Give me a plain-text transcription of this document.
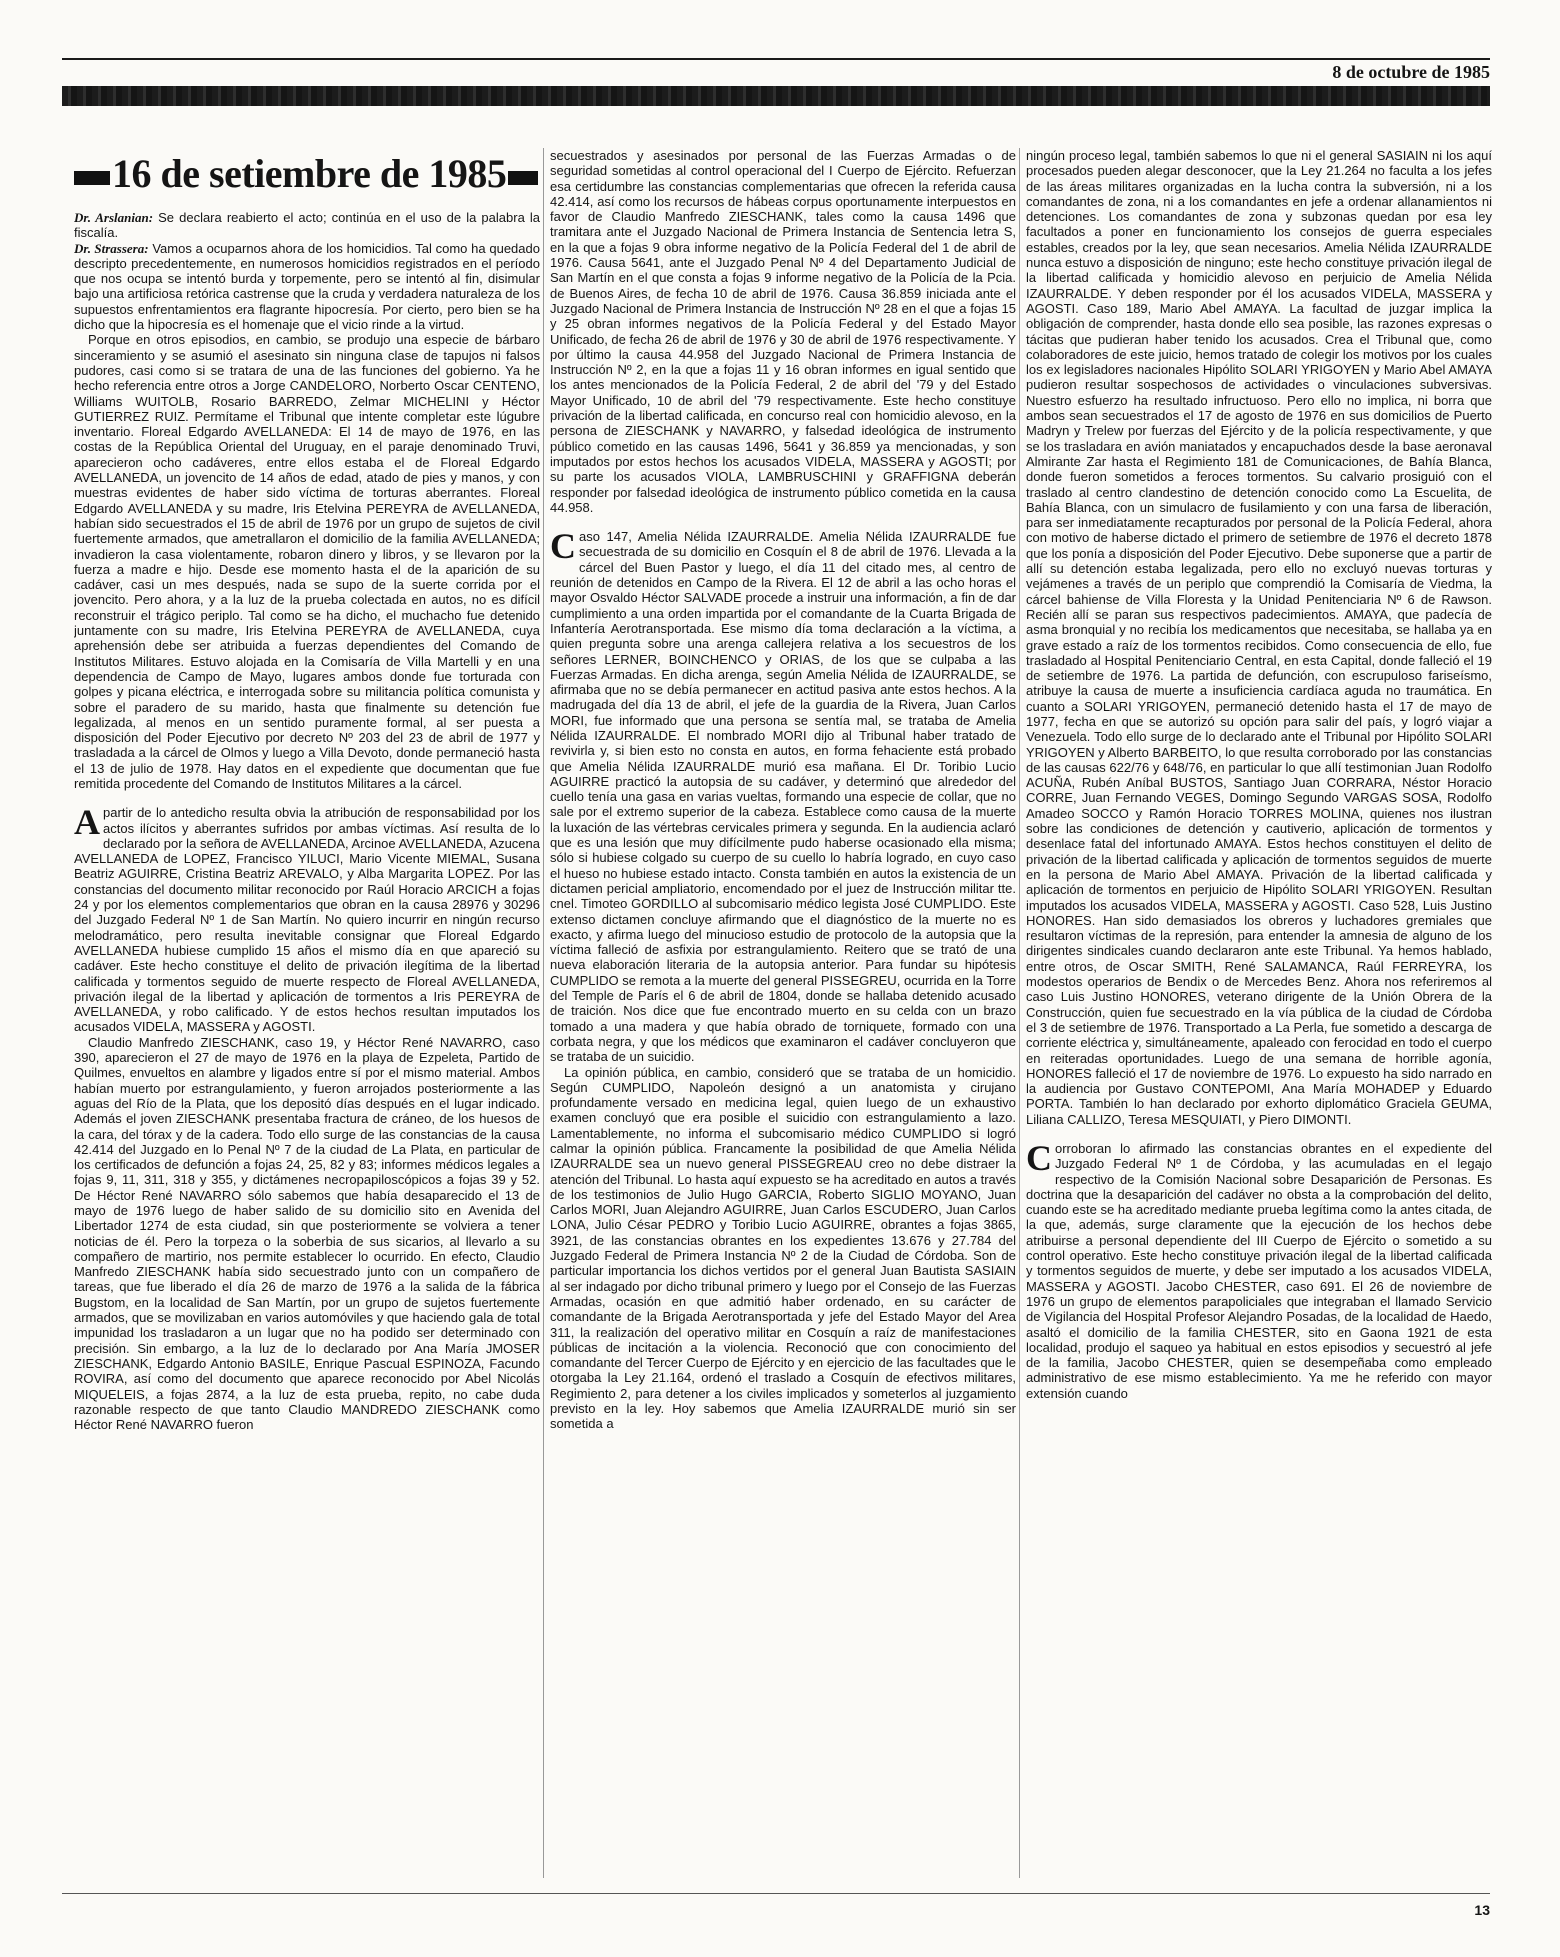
8 de octubre de 1985
16 de setiembre de 1985

Dr. Arslanian: Se declara reabierto el acto; continúa en el uso de la palabra la fiscalía.

Dr. Strassera: Vamos a ocuparnos ahora de los homicidios. Tal como ha quedado descripto precedentemente, en numerosos homicidios registrados en el período que nos ocupa se intentó burda y torpemente, pero se intentó al fin, disimular bajo una artificiosa retórica castrense que la cruda y verdadera naturaleza de los supuestos enfrentamientos era flagrante hipocresía. Por cierto, pero bien se ha dicho que la hipocresía es el homenaje que el vicio rinde a la virtud.

Porque en otros episodios, en cambio, se produjo una especie de bárbaro sinceramiento y se asumió el asesinato sin ninguna clase de tapujos ni falsos pudores, casi como si se tratara de una de las funciones del gobierno. Ya he hecho referencia entre otros a Jorge CANDELORO, Norberto Oscar CENTENO, Williams WUITOLB, Rosario BARREDO, Zelmar MICHELINI y Héctor GUTIERREZ RUIZ. Permítame el Tribunal que intente completar este lúgubre inventario. Floreal Edgardo AVELLANEDA: El 14 de mayo de 1976, en las costas de la República Oriental del Uruguay, en el paraje denominado Truvi, aparecieron ocho cadáveres, entre ellos estaba el de Floreal Edgardo AVELLANEDA, un jovencito de 14 años de edad, atado de pies y manos, y con muestras evidentes de haber sido víctima de torturas aberrantes. Floreal Edgardo AVELLANEDA y su madre, Iris Etelvina PEREYRA de AVELLANEDA, habían sido secuestrados el 15 de abril de 1976 por un grupo de sujetos de civil fuertemente armados, que ametrallaron el domicilio de la familia AVELLANEDA; invadieron la casa violentamente, robaron dinero y libros, y se llevaron por la fuerza a madre e hijo. Desde ese momento hasta el de la aparición de su cadáver, casi un mes después, nada se supo de la suerte corrida por el jovencito. Pero ahora, y a la luz de la prueba colectada en autos, no es difícil reconstruir el trágico periplo. Tal como se ha dicho, el muchacho fue detenido juntamente con su madre, Iris Etelvina PEREYRA de AVELLANEDA, cuya aprehensión debe ser atribuida a fuerzas dependientes del Comando de Institutos Militares. Estuvo alojada en la Comisaría de Villa Martelli y en una dependencia de Campo de Mayo, lugares ambos donde fue torturada con golpes y picana eléctrica, e interrogada sobre su militancia política comunista y sobre el paradero de su marido, hasta que finalmente su detención fue legalizada, al menos en un sentido puramente formal, al ser puesta a disposición del Poder Ejecutivo por decreto Nº 203 del 23 de abril de 1977 y trasladada a la cárcel de Olmos y luego a Villa Devoto, donde permaneció hasta el 13 de julio de 1978. Hay datos en el expediente que documentan que fue remitida procedente del Comando de Institutos Militares a la cárcel.

Apartir de lo antedicho resulta obvia la atribución de responsabilidad por los actos ilícitos y aberrantes sufridos por ambas víctimas. Así resulta de lo declarado por la señora de AVELLANEDA, Arcinoe AVELLANEDA, Azucena AVELLANEDA de LOPEZ, Francisco YILUCI, Mario Vicente MIEMAL, Susana Beatriz AGUIRRE, Cristina Beatriz AREVALO, y Alba Margarita LOPEZ. Por las constancias del documento militar reconocido por Raúl Horacio ARCICH a fojas 24 y por los elementos complementarios que obran en la causa 28976 y 30296 del Juzgado Federal Nº 1 de San Martín. No quiero incurrir en ningún recurso melodramático, pero resulta inevitable consignar que Floreal Edgardo AVELLANEDA hubiese cumplido 15 años el mismo día en que apareció su cadáver. Este hecho constituye el delito de privación ilegítima de la libertad calificada y tormentos seguido de muerte respecto de Floreal AVELLANEDA, privación ilegal de la libertad y aplicación de tormentos a Iris PEREYRA de AVELLANEDA, y robo calificado. Y de estos hechos resultan imputados los acusados VIDELA, MASSERA y AGOSTI.

Claudio Manfredo ZIESCHANK, caso 19, y Héctor René NAVARRO, caso 390, aparecieron el 27 de mayo de 1976 en la playa de Ezpeleta, Partido de Quilmes, envueltos en alambre y ligados entre sí por el mismo material. Ambos habían muerto por estrangulamiento, y fueron arrojados posteriormente a las aguas del Río de la Plata, que los depositó días después en el lugar indicado. Además el joven ZIESCHANK presentaba fractura de cráneo, de los huesos de la cara, del tórax y de la cadera. Todo ello surge de las constancias de la causa 42.414 del Juzgado en lo Penal Nº 7 de la ciudad de La Plata, en particular de los certificados de defunción a fojas 24, 25, 82 y 83; informes médicos legales a fojas 9, 11, 311, 318 y 355, y dictámenes necropapiloscópicos a fojas 39 y 52. De Héctor René NAVARRO sólo sabemos que había desaparecido el 13 de mayo de 1976 luego de haber salido de su domicilio sito en Avenida del Libertador 1274 de esta ciudad, sin que posteriormente se volviera a tener noticias de él. Pero la torpeza o la soberbia de sus sicarios, al llevarlo a su compañero de martirio, nos permite establecer lo ocurrido. En efecto, Claudio Manfredo ZIESCHANK había sido secuestrado junto con un compañero de tareas, que fue liberado el día 26 de marzo de 1976 a la salida de la fábrica Bugstom, en la localidad de San Martín, por un grupo de sujetos fuertemente armados, que se movilizaban en varios automóviles y que haciendo gala de total impunidad los trasladaron a un lugar que no ha podido ser determinado con precisión. Sin embargo, a la luz de lo declarado por Ana María JMOSER ZIESCHANK, Edgardo Antonio BASILE, Enrique Pascual ESPINOZA, Facundo ROVIRA, así como del documento que aparece reconocido por Abel Nicolás MIQUELEIS, a fojas 2874, a la luz de esta prueba, repito, no cabe duda razonable respecto de que tanto Claudio MANDREDO ZIESCHANK como Héctor René NAVARRO fueron

secuestrados y asesinados por personal de las Fuerzas Armadas o de seguridad sometidas al control operacional del I Cuerpo de Ejército. Refuerzan esa certidumbre las constancias complementarias que ofrecen la referida causa 42.414, así como los recursos de hábeas corpus oportunamente interpuestos en favor de Claudio Manfredo ZIESCHANK, tales como la causa 1496 que tramitara ante el Juzgado Nacional de Primera Instancia de Sentencia letra S, en la que a fojas 9 obra informe negativo de la Policía Federal del 1 de abril de 1976. Causa 5641, ante el Juzgado Penal Nº 4 del Departamento Judicial de San Martín en el que consta a fojas 9 informe negativo de la Policía de la Pcia. de Buenos Aires, de fecha 10 de abril de 1976. Causa 36.859 iniciada ante el Juzgado Nacional de Primera Instancia de Instrucción Nº 28 en el que a fojas 15 y 25 obran informes negativos de la Policía Federal y del Estado Mayor Unificado, de fecha 26 de abril de 1976 y 30 de abril de 1976 respectivamente. Y por último la causa 44.958 del Juzgado Nacional de Primera Instancia de Instrucción Nº 2, en la que a fojas 11 y 16 obran informes en igual sentido que los antes mencionados de la Policía Federal, 2 de abril del '79 y del Estado Mayor Unificado, 10 de abril del '79 respectivamente. Este hecho constituye privación de la libertad calificada, en concurso real con homicidio alevoso, en la persona de ZIESCHANK y NAVARRO, y falsedad ideológica de instrumento público cometido en las causas 1496, 5641 y 36.859 ya mencionadas, y son imputados por estos hechos los acusados VIDELA, MASSERA y AGOSTI; por su parte los acusados VIOLA, LAMBRUSCHINI y GRAFFIGNA deberán responder por falsedad ideológica de instrumento público cometida en la causa 44.958.

Caso 147, Amelia Nélida IZAURRALDE. Amelia Nélida IZAURRALDE fue secuestrada de su domicilio en Cosquín el 8 de abril de 1976. Llevada a la cárcel del Buen Pastor y luego, el día 11 del citado mes, al centro de reunión de detenidos en Campo de la Rivera. El 12 de abril a las ocho horas el mayor Osvaldo Héctor SALVADE procede a instruir una información, a fin de dar cumplimiento a una orden impartida por el comandante de la Cuarta Brigada de Infantería Aerotransportada. Ese mismo día toma declaración a la víctima, a quien pregunta sobre una arenga callejera relativa a los secuestros de los señores LERNER, BOINCHENCO y ORIAS, de los que se culpaba a las Fuerzas Armadas. En dicha arenga, según Amelia Nélida de IZAURRALDE, se afirmaba que no se debía permanecer en actitud pasiva ante estos hechos. A la madrugada del día 13 de abril, el jefe de la guardia de la Rivera, Juan Carlos MORI, fue informado que una persona se sentía mal, se trataba de Amelia Nélida IZAURRALDE. El nombrado MORI dijo al Tribunal haber tratado de revivirla y, si bien esto no consta en autos, en forma fehaciente está probado que Amelia Nélida IZAURRALDE murió esa mañana. El Dr. Toribio Lucio AGUIRRE practicó la autopsia de su cadáver, y determinó que alrededor del cuello tenía una gasa en varias vueltas, formando una especie de collar, que no sale por el extremo superior de la cabeza. Establece como causa de la muerte la luxación de las vértebras cervicales primera y segunda. En la audiencia aclaró que es una lesión que muy difícilmente pudo haberse ocasionado ella misma; sólo si hubiese colgado su cuerpo de su cuello lo habría logrado, en cuyo caso el hueso no hubiese estado intacto. Consta también en autos la existencia de un dictamen pericial ampliatorio, encomendado por el juez de Instrucción militar tte. cnel. Timoteo GORDILLO al subcomisario médico legista José CUMPLIDO. Este extenso dictamen concluye afirmando que el diagnóstico de la muerte no es exacto, y afirma luego del minucioso estudio de protocolo de la autopsia que la víctima falleció de asfixia por estrangulamiento. Reitero que se trató de una nueva elaboración literaria de la autopsia anterior. Para fundar su hipótesis CUMPLIDO se remota a la muerte del general PISSEGREU, ocurrida en la Torre del Temple de París el 6 de abril de 1804, donde se hallaba detenido acusado de traición. Nos dice que fue encontrado muerto en su celda con un brazo tomado a una madera y que había obrado de torniquete, formado con una corbata negra, y que los médicos que examinaron el cadáver concluyeron que se trataba de un suicidio.

La opinión pública, en cambio, consideró que se trataba de un homicidio. Según CUMPLIDO, Napoleón designó a un anatomista y cirujano profundamente versado en medicina legal, quien luego de un exhaustivo examen concluyó que era posible el suicidio con estrangulamiento a lazo. Lamentablemente, no informa el subcomisario médico CUMPLIDO si logró calmar la opinión pública. Francamente la posibilidad de que Amelia Nélida IZAURRALDE sea un nuevo general PISSEGREAU creo no debe distraer la atención del Tribunal. Lo hasta aquí expuesto se ha acreditado en autos a través de los testimonios de Julio Hugo GARCIA, Roberto SIGLIO MOYANO, Juan Carlos MORI, Juan Alejandro AGUIRRE, Juan Carlos ESCUDERO, Juan Carlos LONA, Julio César PEDRO y Toribio Lucio AGUIRRE, obrantes a fojas 3865, 3921, de las constancias obrantes en los expedientes 13.676 y 27.784 del Juzgado Federal de Primera Instancia Nº 2 de la Ciudad de Córdoba. Son de particular importancia los dichos vertidos por el general Juan Bautista SASIAIN al ser indagado por dicho tribunal primero y luego por el Consejo de las Fuerzas Armadas, ocasión en que admitió haber ordenado, en su carácter de comandante de la Brigada Aerotransportada y jefe del Estado Mayor del Area 311, la realización del operativo militar en Cosquín a raíz de manifestaciones públicas de incitación a la violencia. Reconoció que con conocimiento del comandante del Tercer Cuerpo de Ejército y en ejercicio de las facultades que le otorgaba la Ley 21.164, ordenó el traslado a Cosquín de efectivos militares, Regimiento 2, para detener a los civiles implicados y someterlos al juzgamiento previsto en la ley. Hoy sabemos que Amelia IZAURRALDE murió sin ser sometida a

ningún proceso legal, también sabemos lo que ni el general SASIAIN ni los aquí procesados pueden alegar desconocer, que la Ley 21.264 no faculta a los jefes de las áreas militares organizadas en la lucha contra la subversión, ni a los comandantes de zona, ni a los comandantes en jefe a ordenar allanamientos ni detenciones. Los comandantes de zona y subzonas quedan por esa ley facultados a poner en funcionamiento los consejos de guerra especiales estables, creados por la ley, que sean necesarios. Amelia Nélida IZAURRALDE nunca estuvo a disposición de ninguno; este hecho constituye privación ilegal de la libertad calificada y homicidio alevoso en perjuicio de Amelia Nélida IZAURRALDE. Y deben responder por él los acusados VIDELA, MASSERA y AGOSTI. Caso 189, Mario Abel AMAYA. La facultad de juzgar implica la obligación de comprender, hasta donde ello sea posible, las razones expresas o tácitas que pudieran haber tenido los acusados. Crea el Tribunal que, como colaboradores de este juicio, hemos tratado de colegir los motivos por los cuales los ex legisladores nacionales Hipólito SOLARI YRIGOYEN y Mario Abel AMAYA pudieron resultar sospechosos de actividades o vinculaciones subversivas. Nuestro esfuerzo ha resultado infructuoso. Pero ello no implica, ni borra que ambos sean secuestrados el 17 de agosto de 1976 en sus domicilios de Puerto Madryn y Trelew por fuerzas del Ejército y de la policía respectivamente, y que se los trasladara en avión maniatados y encapuchados desde la base aeronaval Almirante Zar hasta el Regimiento 181 de Comunicaciones, de Bahía Blanca, donde fueron sometidos a feroces tormentos. Su calvario prosiguió con el traslado al centro clandestino de detención conocido como La Escuelita, de Bahía Blanca, con un simulacro de fusilamiento y con una farsa de liberación, para ser inmediatamente recapturados por personal de la Policía Federal, ahora con motivo de haberse dictado el primero de setiembre de 1976 el decreto 1878 que los ponía a disposición del Poder Ejecutivo. Debe suponerse que a partir de allí su detención estaba legalizada, pero ello no excluyó nuevas torturas y vejámenes a través de un periplo que comprendió la Comisaría de Viedma, la cárcel bahiense de Villa Floresta y la Unidad Penitenciaria Nº 6 de Rawson. Recién allí se paran sus respectivos padecimientos. AMAYA, que padecía de asma bronquial y no recibía los medicamentos que necesitaba, se hallaba ya en grave estado a raíz de los tormentos recibidos. Como consecuencia de ello, fue trasladado al Hospital Penitenciario Central, en esta Capital, donde falleció el 19 de setiembre de 1976. La partida de defunción, con escrupuloso fariseísmo, atribuye la causa de muerte a insuficiencia cardíaca aguda no traumática. En cuanto a SOLARI YRIGOYEN, permaneció detenido hasta el 17 de mayo de 1977, fecha en que se autorizó su opción para salir del país, y logró viajar a Venezuela. Todo ello surge de lo declarado ante el Tribunal por Hipólito SOLARI YRIGOYEN y Alberto BARBEITO, lo que resulta corroborado por las constancias de las causas 622/76 y 648/76, en particular lo que allí testimonian Juan Rodolfo ACUÑA, Rubén Aníbal BUSTOS, Santiago Juan CORRARA, Néstor Horacio CORRE, Juan Fernando VEGES, Domingo Segundo VARGAS SOSA, Rodolfo Amadeo SOCCO y Ramón Horacio TORRES MOLINA, quienes nos ilustran sobre las condiciones de detención y cautiverio, aplicación de tormentos y desenlace fatal del infortunado AMAYA. Estos hechos constituyen el delito de privación de la libertad calificada y aplicación de tormentos seguidos de muerte en la persona de Mario Abel AMAYA. Privación de la libertad calificada y aplicación de tormentos en perjuicio de Hipólito SOLARI YRIGOYEN. Resultan imputados los acusados VIDELA, MASSERA y AGOSTI. Caso 528, Luis Justino HONORES. Han sido demasiados los obreros y luchadores gremiales que resultaron víctimas de la represión, para entender la amnesia de alguno de los dirigentes sindicales cuando declararon ante este Tribunal. Ya hemos hablado, entre otros, de Oscar SMITH, René SALAMANCA, Raúl FERREYRA, los modestos operarios de Bendix o de Mercedes Benz. Ahora nos referiremos al caso Luis Justino HONORES, veterano dirigente de la Unión Obrera de la Construcción, quien fue secuestrado en la vía pública de la ciudad de Córdoba el 3 de setiembre de 1976. Transportado a La Perla, fue sometido a descarga de corriente eléctrica y, simultáneamente, apaleado con ferocidad en todo el cuerpo en reiteradas oportunidades. Luego de una semana de horrible agonía, HONORES falleció el 17 de noviembre de 1976. Lo expuesto ha sido narrado en la audiencia por Gustavo CONTEPOMI, Ana María MOHADEP y Eduardo PORTA. También lo han declarado por exhorto diplomático Graciela GEUMA, Liliana CALLIZO, Teresa MESQUIATI, y Piero DIMONTI.

Corroboran lo afirmado las constancias obrantes en el expediente del Juzgado Federal Nº 1 de Córdoba, y las acumuladas en el legajo respectivo de la Comisión Nacional sobre Desaparición de Personas. Es doctrina que la desaparición del cadáver no obsta a la comprobación del delito, cuando este se ha acreditado mediante prueba legítima como la antes citada, de la que, además, surge claramente que la ejecución de los hechos debe atribuirse a personal dependiente del III Cuerpo de Ejército o sometido a su control operativo. Este hecho constituye privación ilegal de la libertad calificada y tormentos seguidos de muerte, y debe ser imputado a los acusados VIDELA, MASSERA y AGOSTI. Jacobo CHESTER, caso 691. El 26 de noviembre de 1976 un grupo de elementos parapoliciales que integraban el llamado Servicio de Vigilancia del Hospital Profesor Alejandro Posadas, de la localidad de Haedo, asaltó el domicilio de la familia CHESTER, sito en Gaona 1921 de esta localidad, produjo el saqueo ya habitual en estos episodios y secuestró al jefe de la familia, Jacobo CHESTER, quien se desempeñaba como empleado administrativo de ese mismo establecimiento. Ya me he referido con mayor extensión cuando

13
